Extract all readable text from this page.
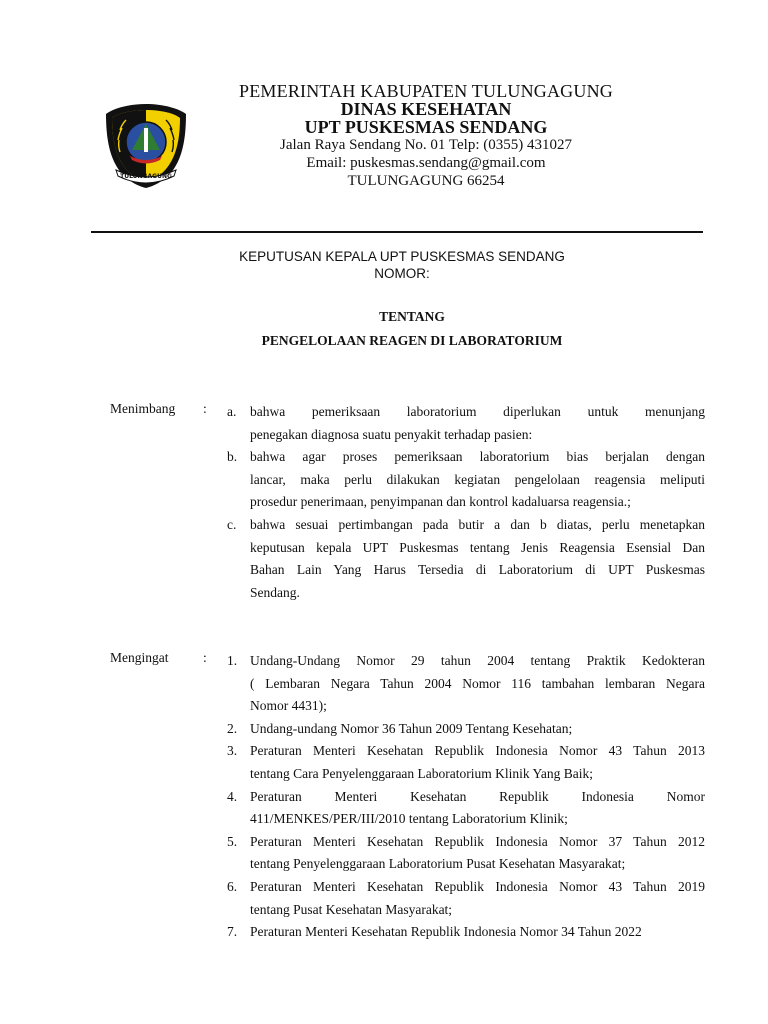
TULUNGAGUNG
PEMERINTAH KABUPATEN TULUNGAGUNG
DINAS KESEHATAN
UPT PUSKESMAS SENDANG
Jalan Raya Sendang No. 01 Telp: (0355) 431027
Email: puskesmas.sendang@gmail.com
TULUNGAGUNG 66254
KEPUTUSAN KEPALA UPT PUSKESMAS SENDANG
NOMOR:
TENTANG
PENGELOLAAN REAGEN DI LABORATORIUM
Menimbang : a. bahwa pemeriksaan laboratorium diperlukan untuk menunjang
penegakan diagnosa suatu penyakit terhadap pasien:
b. bahwa agar proses pemeriksaan laboratorium bias berjalan dengan
lancar, maka perlu dilakukan kegiatan pengelolaan reagensia meliputi
prosedur penerimaan, penyimpanan dan kontrol kadaluarsa reagensia.;
c. bahwa sesuai pertimbangan pada butir a dan b diatas, perlu menetapkan
keputusan kepala UPT Puskesmas tentang Jenis Reagensia Esensial Dan
Bahan Lain Yang Harus Tersedia di Laboratorium di UPT Puskesmas
Sendang.
Mengingat	: 1. Undang-Undang Nomor 29 tahun 2004 tentang Praktik Kedokteran
( Lembaran Negara Tahun 2004 Nomor 116 tambahan lembaran Negara
Nomor 4431);
2. Undang-undang Nomor 36 Tahun 2009 Tentang Kesehatan;
3. Peraturan Menteri Kesehatan Republik Indonesia Nomor 43 Tahun 2013
tentang Cara Penyelenggaraan Laboratorium Klinik Yang Baik;
4. Peraturan Menteri Kesehatan Republik Indonesia Nomor
411/MENKES/PER/III/2010 tentang Laboratorium Klinik;
5. Peraturan Menteri Kesehatan Republik Indonesia Nomor 37 Tahun 2012
tentang Penyelenggaraan Laboratorium Pusat Kesehatan Masyarakat;
6. Peraturan Menteri Kesehatan Republik Indonesia Nomor 43 Tahun 2019
tentang Pusat Kesehatan Masyarakat;
7. Peraturan Menteri Kesehatan Republik Indonesia Nomor 34 Tahun 2022
